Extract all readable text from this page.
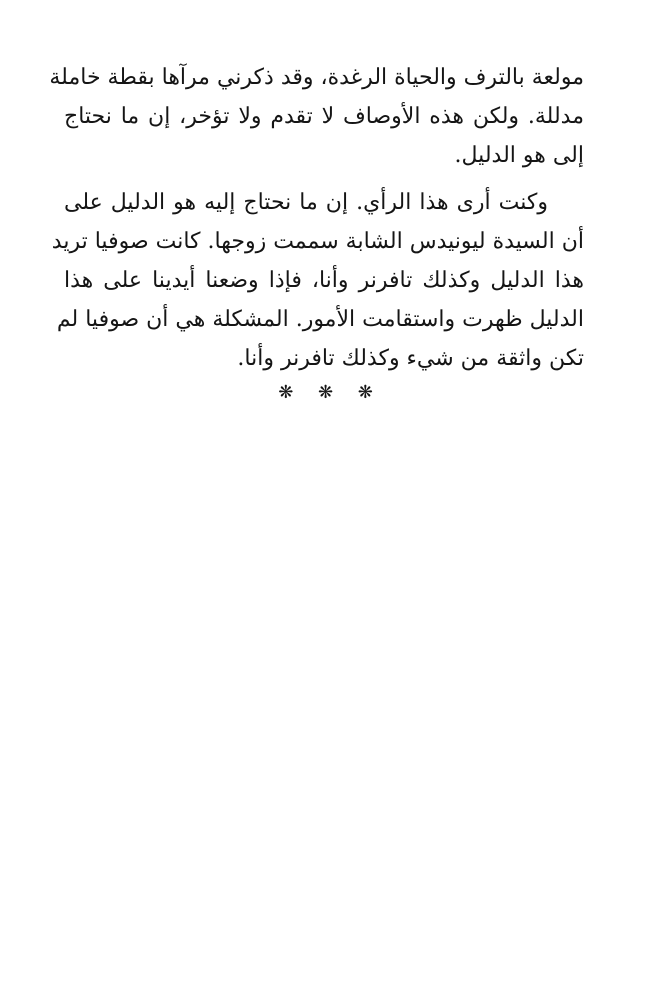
مولعة بالترف والحياة الرغدة، وقد ذكرني مرآها بقطة خاملة
مدللة. ولكن هذه الأوصاف لا تقدم ولا تؤخر، إن ما نحتاج
إلى هو الدليل.

وكنت أرى هذا الرأي. إن ما نحتاج إليه هو الدليل على
أن السيدة ليونيدس الشابة سممت زوجها. كانت صوفيا تريد
هذا الدليل وكذلك تافرنر وأنا، فإذا وضعنا أيدينا على هذا
الدليل ظهرت واستقامت الأمور. المشكلة هي أن صوفيا لم
تكن واثقة من شيء وكذلك تافرنر وأنا.

❋ ❋ ❋
